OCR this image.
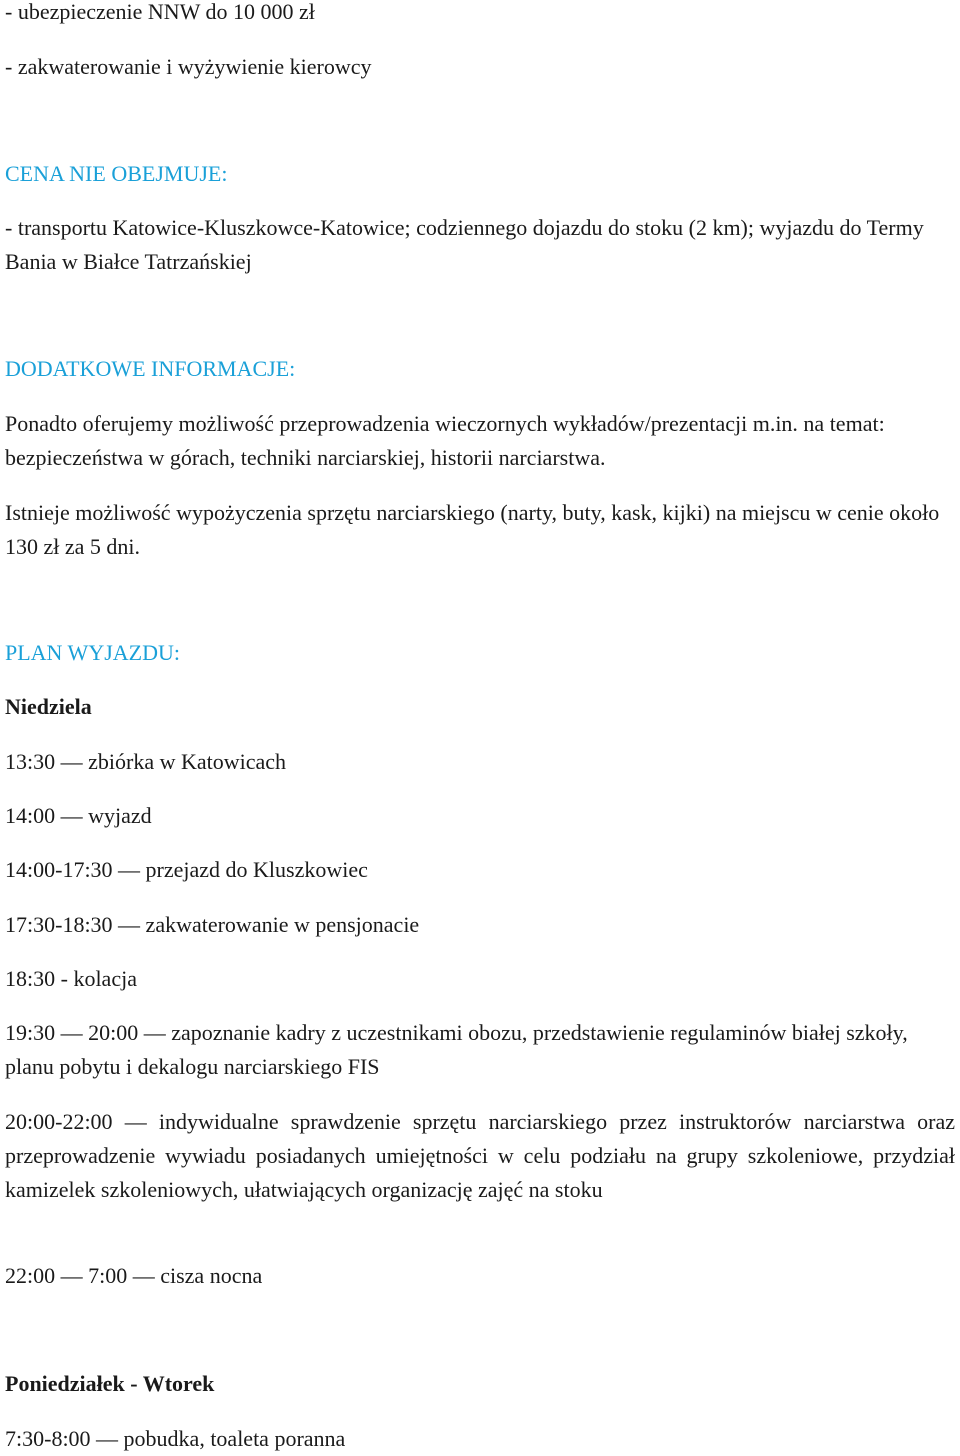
- ubezpieczenie NNW do 10 000 zł

- zakwaterowanie i wyżywienie kierowcy

CENA NIE OBEJMUJE:

- transportu Katowice-Kluszkowce-Katowice; codziennego dojazdu do stoku (2 km); wyjazdu do Termy Bania w Białce Tatrzańskiej

DODATKOWE INFORMACJE:

Ponadto oferujemy możliwość przeprowadzenia wieczornych wykładów/prezentacji m.in. na temat: bezpieczeństwa w górach, techniki narciarskiej, historii narciarstwa.

Istnieje możliwość wypożyczenia sprzętu narciarskiego (narty, buty, kask, kijki) na miejscu w cenie około 130 zł za 5 dni.

PLAN WYJAZDU:

Niedziela

13:30 ― zbiórka w Katowicach

14:00 ― wyjazd

14:00-17:30 ― przejazd do Kluszkowiec

17:30-18:30 ― zakwaterowanie w pensjonacie

18:30 - kolacja

19:30 ― 20:00 ― zapoznanie kadry z uczestnikami obozu, przedstawienie regulaminów białej szkoły, planu pobytu i dekalogu narciarskiego FIS

20:00-22:00 ― indywidualne sprawdzenie sprzętu narciarskiego przez instruktorów narciarstwa oraz przeprowadzenie wywiadu posiadanych umiejętności w celu podziału na grupy szkoleniowe, przydział kamizelek szkoleniowych, ułatwiających organizację zajęć na stoku

22:00 ― 7:00 ― cisza nocna

Poniedziałek - Wtorek

7:30-8:00 ― pobudka, toaleta poranna
